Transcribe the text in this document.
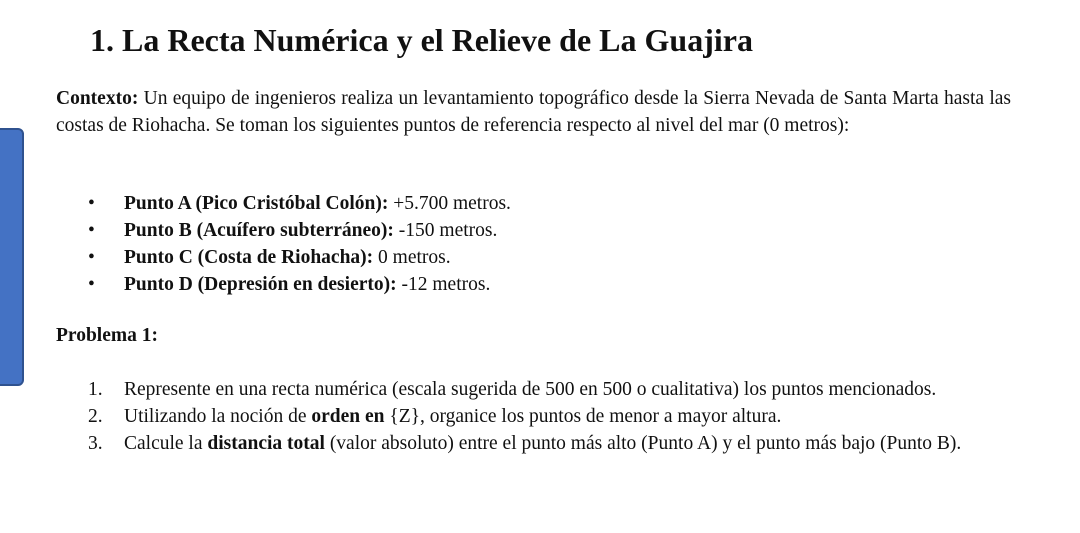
1. La Recta Numérica y el Relieve de La Guajira

Contexto: Un equipo de ingenieros realiza un levantamiento topográfico desde la Sierra Nevada de Santa Marta hasta las costas de Riohacha. Se toman los siguientes puntos de referencia respecto al nivel del mar (0 metros):

• Punto A (Pico Cristóbal Colón): +5.700 metros.
• Punto B (Acuífero subterráneo): -150 metros.
• Punto C (Costa de Riohacha): 0 metros.
• Punto D (Depresión en desierto): -12 metros.

Problema 1:

1. Represente en una recta numérica (escala sugerida de 500 en 500 o cualitativa) los puntos mencionados.
2. Utilizando la noción de orden en {Z}, organice los puntos de menor a mayor altura.
3. Calcule la distancia total (valor absoluto) entre el punto más alto (Punto A) y el punto más bajo (Punto B).
